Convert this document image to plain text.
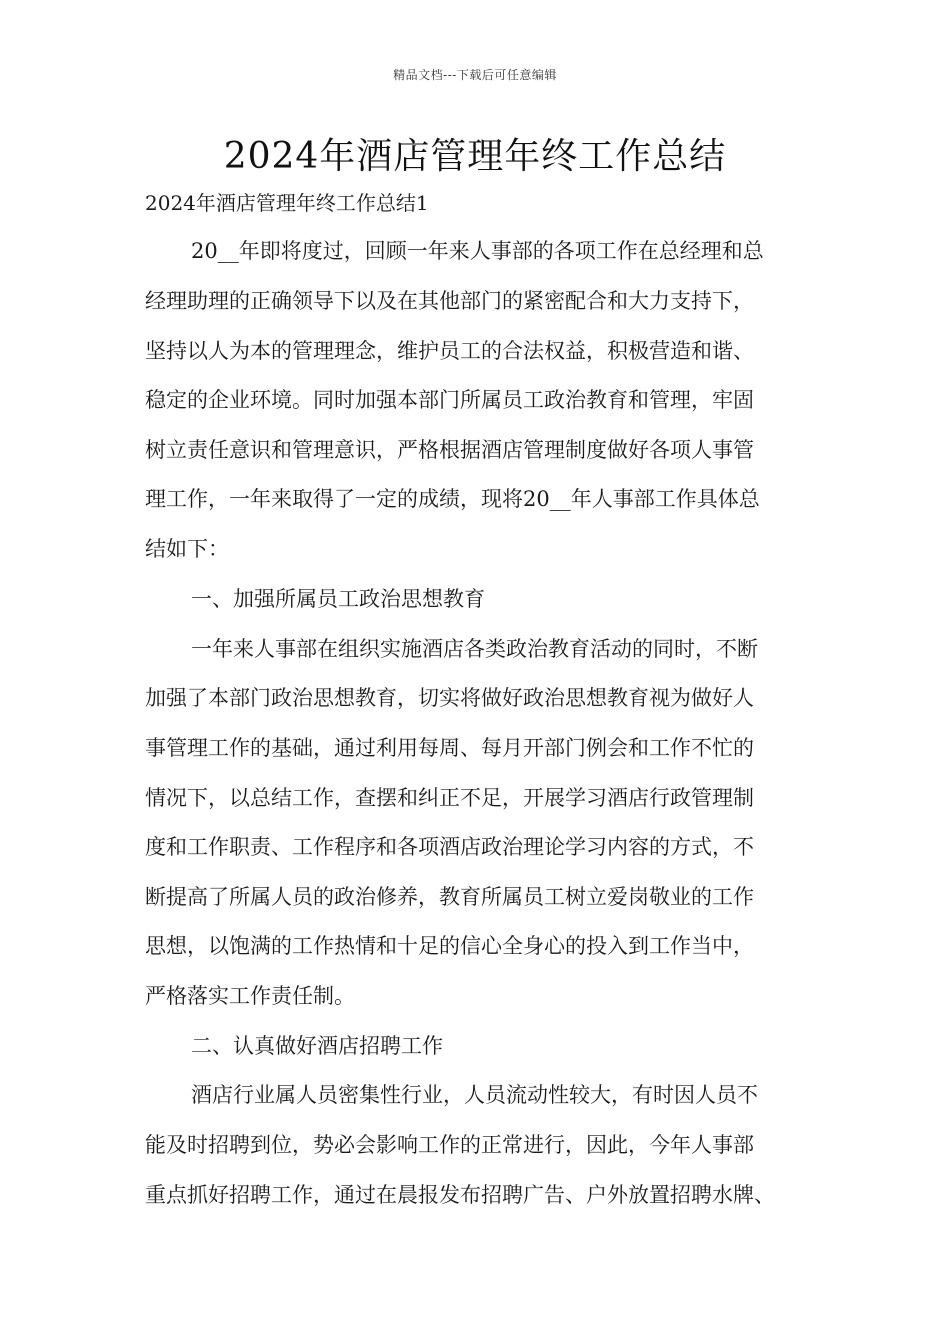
精品文档---下载后可任意编辑
2024年酒店管理年终工作总结
2024年酒店管理年终工作总结1
20__年即将度过，回顾一年来人事部的各项工作在总经理和总
经理助理的正确领导下以及在其他部门的紧密配合和大力支持下，
坚持以人为本的管理理念，维护员工的合法权益，积极营造和谐、
稳定的企业环境。同时加强本部门所属员工政治教育和管理，牢固
树立责任意识和管理意识，严格根据酒店管理制度做好各项人事管
理工作，一年来取得了一定的成绩，现将20__年人事部工作具体总
结如下：
一、加强所属员工政治思想教育
一年来人事部在组织实施酒店各类政治教育活动的同时，不断
加强了本部门政治思想教育，切实将做好政治思想教育视为做好人
事管理工作的基础，通过利用每周、每月开部门例会和工作不忙的
情况下，以总结工作，查摆和纠正不足，开展学习酒店行政管理制
度和工作职责、工作程序和各项酒店政治理论学习内容的方式，不
断提高了所属人员的政治修养，教育所属员工树立爱岗敬业的工作
思想，以饱满的工作热情和十足的信心全身心的投入到工作当中，
严格落实工作责任制。
二、认真做好酒店招聘工作
酒店行业属人员密集性行业，人员流动性较大，有时因人员不
能及时招聘到位，势必会影响工作的正常进行，因此，今年人事部
重点抓好招聘工作，通过在晨报发布招聘广告、户外放置招聘水牌、
